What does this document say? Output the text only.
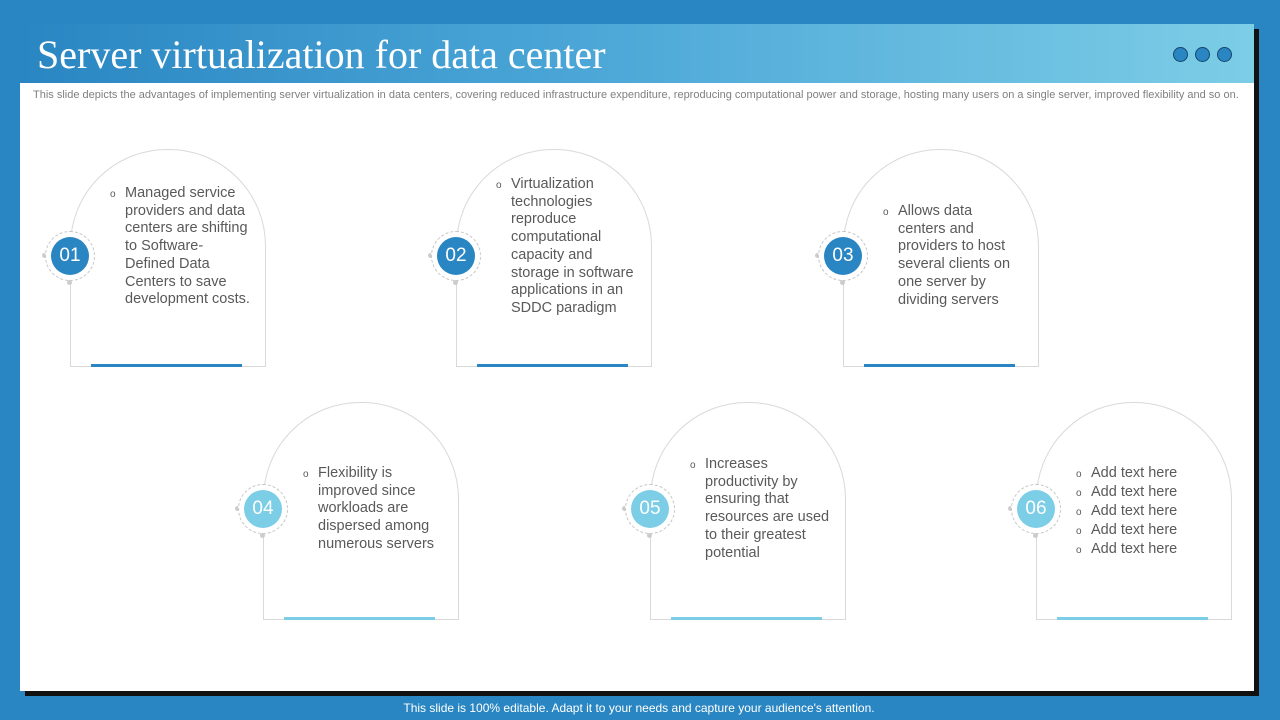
Server virtualization for data center

This slide depicts the advantages of implementing server virtualization in data centers, covering reduced infrastructure expenditure, reproducing computational power and storage, hosting many users on a single server, improved flexibility and so on.

01
o Managed service providers and data centers are shifting to Software-Defined Data Centers to save development costs.
02
o Virtualization technologies reproduce computational capacity and storage in software applications in an SDDC paradigm
03
o Allows data centers and providers to host several clients on one server by dividing servers
04
o Flexibility is improved since workloads are dispersed among numerous servers
05
o Increases productivity by ensuring that resources are used to their greatest potential
06
o Add text here
o Add text here
o Add text here
o Add text here
o Add text here
This slide is 100% editable. Adapt it to your needs and capture your audience's attention.
